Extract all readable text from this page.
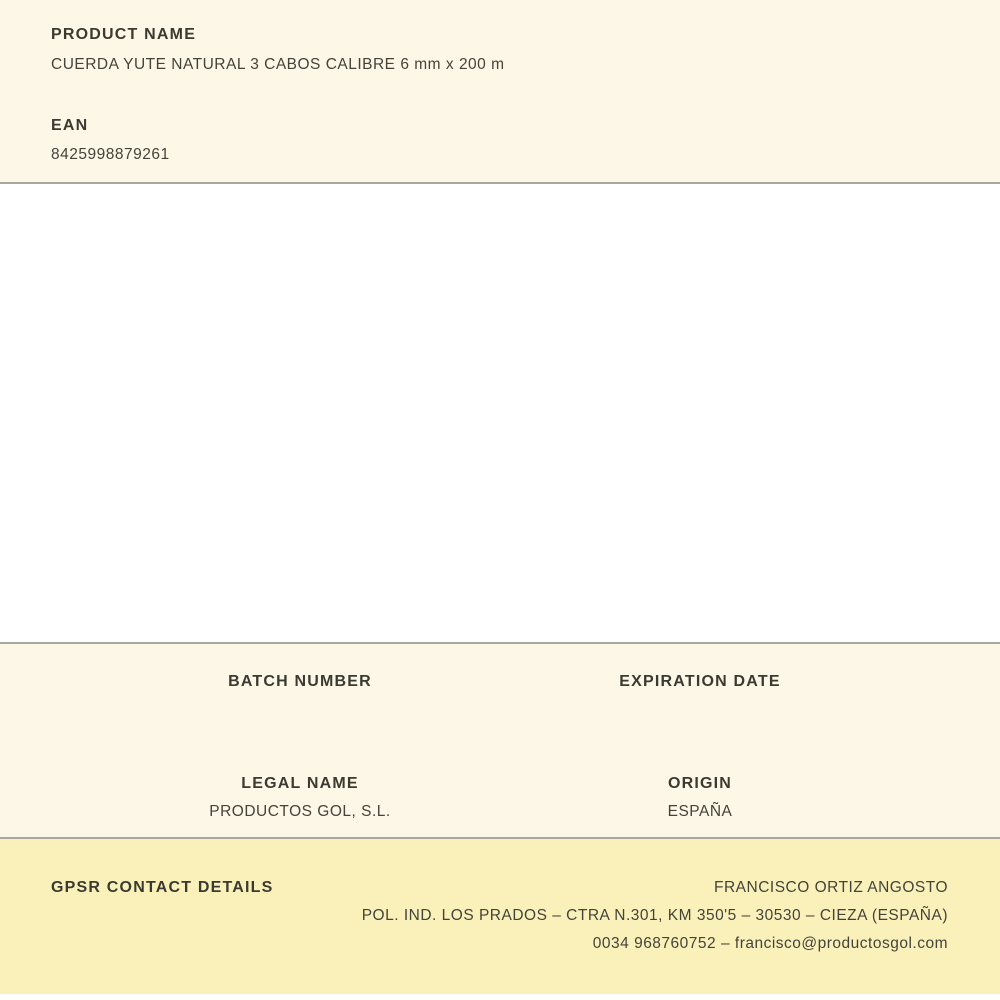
PRODUCT NAME
CUERDA YUTE NATURAL 3 CABOS CALIBRE 6 mm x 200 m
EAN
8425998879261
BATCH NUMBER	EXPIRATION DATE
LEGAL NAME
PRODUCTOS GOL, S.L.
ORIGIN
ESPAÑA
GPSR CONTACT DETAILS	FRANCISCO ORTIZ ANGOSTO
POL. IND. LOS PRADOS – CTRA N.301, KM 350'5 – 30530 – CIEZA (ESPAÑA)
0034 968760752 – francisco@productosgol.com
